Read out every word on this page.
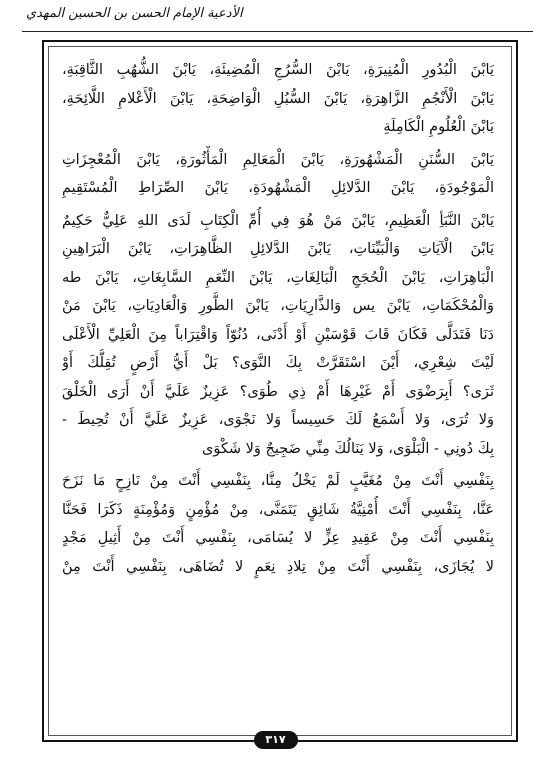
الأدعية الإمام الحسن بن الحسين المهدي
يَابْنَ الْبُدُورِ الْمُنِيرَةِ، يَابْنَ السُّرُجِ الْمُضِيئَةِ، يَابْنَ الشُّهُبِ الثَّاقِبَةِ،
يَابْنَ الْأَنْجُمِ الزَّاهِرَةِ، يَابْنَ السُّبُلِ الْوَاضِحَةِ، يَابْنَ الْأَعْلامِ اللَّائِحَةِ،
يَابْنَ الْعُلُومِ الْكَامِلَةِ
يَابْنَ السُّنَنِ الْمَشْهُورَةِ، يَابْنَ الْمَعَالِمِ الْمَأْثُورَةِ، يَابْنَ الْمُعْجِزَاتِ
الْمَوْجُودَةِ، يَابْنَ الدَّلائِلِ الْمَشْهُودَةِ، يَابْنَ الصِّرَاطِ الْمُسْتَقِيمِ
يَابْنَ النَّبَأِ الْعَظِيمِ، يَابْنَ مَنْ هُوَ فِي أُمِّ الْكِتَابِ لَدَى اللهِ عَلِيٌّ حَكِيمٌ
يَابْنَ الْآيَاتِ وَالْبَيِّنَاتِ، يَابْنَ الدَّلائِلِ الظَّاهِرَاتِ، يَابْنَ الْبَرَاهِينِ
الْبَاهِرَاتِ، يَابْنَ الْحُجَجِ الْبَالِغَاتِ، يَابْنَ النِّعَمِ السَّابِغَاتِ، يَابْنَ طه
وَالْمُحْكَمَاتِ، يَابْنَ يس وَالذَّارِيَاتِ، يَابْنَ الطُّورِ وَالْعَادِيَاتِ، يَابْنَ مَنْ
دَنَا فَتَدَلَّى فَكَانَ قَابَ قَوْسَيْنِ أَوْ أَدْنَى، دُنُوّاً وَاقْتِرَاباً مِنَ الْعَلِيِّ الْأَعْلَى
لَيْتَ شِعْرِي، أَيْنَ اسْتَقَرَّتْ بِكَ النَّوَى؟ بَلْ أَيُّ أَرْضٍ تُقِلُّكَ أَوْ
ثَرَى؟ أَبِرَضْوَى أَمْ غَيْرِهَا أَمْ ذِي طُوَى؟ عَزِيزٌ عَلَيَّ أَنْ أَرَى الْخَلْقَ
وَلا تُرَى، وَلا أَسْمَعُ لَكَ حَسِيساً وَلا نَجْوَى، عَزِيزٌ عَلَيَّ أَنْ تُحِيطَ -
بِكَ دُونِي - الْبَلْوَى، وَلا يَنَالُكَ مِنِّي ضَجِيجٌ وَلا شَكْوَى
بِنَفْسِي أَنْتَ مِنْ مُغَيَّبٍ لَمْ يَخْلُ مِنَّا، بِنَفْسِي أَنْتَ مِنْ نَازِحٍ مَا نَزَحَ
عَنَّا، بِنَفْسِي أَنْتَ أُمْنِيَّةُ شَائِقٍ يَتَمَنَّى، مِنْ مُؤْمِنٍ وَمُؤْمِنَةٍ ذَكَرَا فَحَنَّا
بِنَفْسِي أَنْتَ مِنْ عَقِيدِ عِزٍّ لا يُسَامَى، بِنَفْسِي أَنْتَ مِنْ أَثِيلِ مَجْدٍ
لا يُجَازَى، بِنَفْسِي أَنْتَ مِنْ تِلادِ نِعَمٍ لا تُضَاهَى، بِنَفْسِي أَنْتَ مِنْ
٣١٧
